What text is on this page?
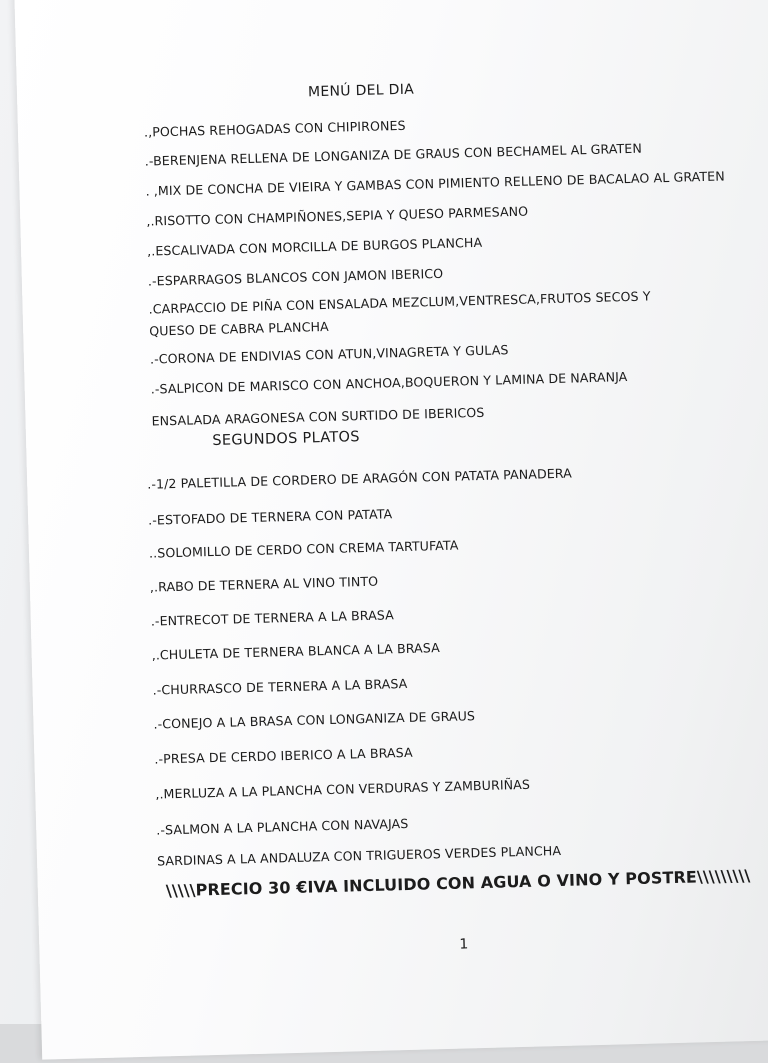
MENÚ DEL DIA
.,POCHAS REHOGADAS CON CHIPIRONES
.-BERENJENA RELLENA DE LONGANIZA DE GRAUS CON BECHAMEL AL GRATEN
. ,MIX DE CONCHA DE VIEIRA Y GAMBAS CON PIMIENTO RELLENO DE BACALAO AL GRATEN
,.RISOTTO CON CHAMPIÑONES,SEPIA Y QUESO PARMESANO
,.ESCALIVADA CON MORCILLA DE BURGOS PLANCHA
.-ESPARRAGOS BLANCOS CON JAMON IBERICO
.CARPACCIO DE PIÑA CON ENSALADA MEZCLUM,VENTRESCA,FRUTOS SECOS Y QUESO DE CABRA PLANCHA
.-CORONA DE ENDIVIAS CON ATUN,VINAGRETA Y GULAS
.-SALPICON DE MARISCO CON ANCHOA,BOQUERON Y LAMINA DE NARANJA
ENSALADA ARAGONESA CON SURTIDO DE IBERICOS
SEGUNDOS PLATOS
.-1/2 PALETILLA DE CORDERO DE ARAGÓN CON PATATA PANADERA
.-ESTOFADO DE TERNERA CON PATATA
..SOLOMILLO DE CERDO CON CREMA TARTUFATA
,.RABO DE TERNERA AL VINO TINTO
.-ENTRECOT DE TERNERA A LA BRASA
,.CHULETA DE TERNERA BLANCA A LA BRASA
.-CHURRASCO DE TERNERA A LA BRASA
.-CONEJO A LA BRASA CON LONGANIZA DE GRAUS
.-PRESA DE CERDO IBERICO A LA BRASA
,.MERLUZA A LA PLANCHA CON VERDURAS Y ZAMBURIÑAS
.-SALMON A LA PLANCHA CON NAVAJAS
SARDINAS A LA ANDALUZA CON TRIGUEROS VERDES PLANCHA
\\\\\PRECIO 30 €IVA INCLUIDO CON AGUA O VINO Y POSTRE\\\\\\\\\
1
